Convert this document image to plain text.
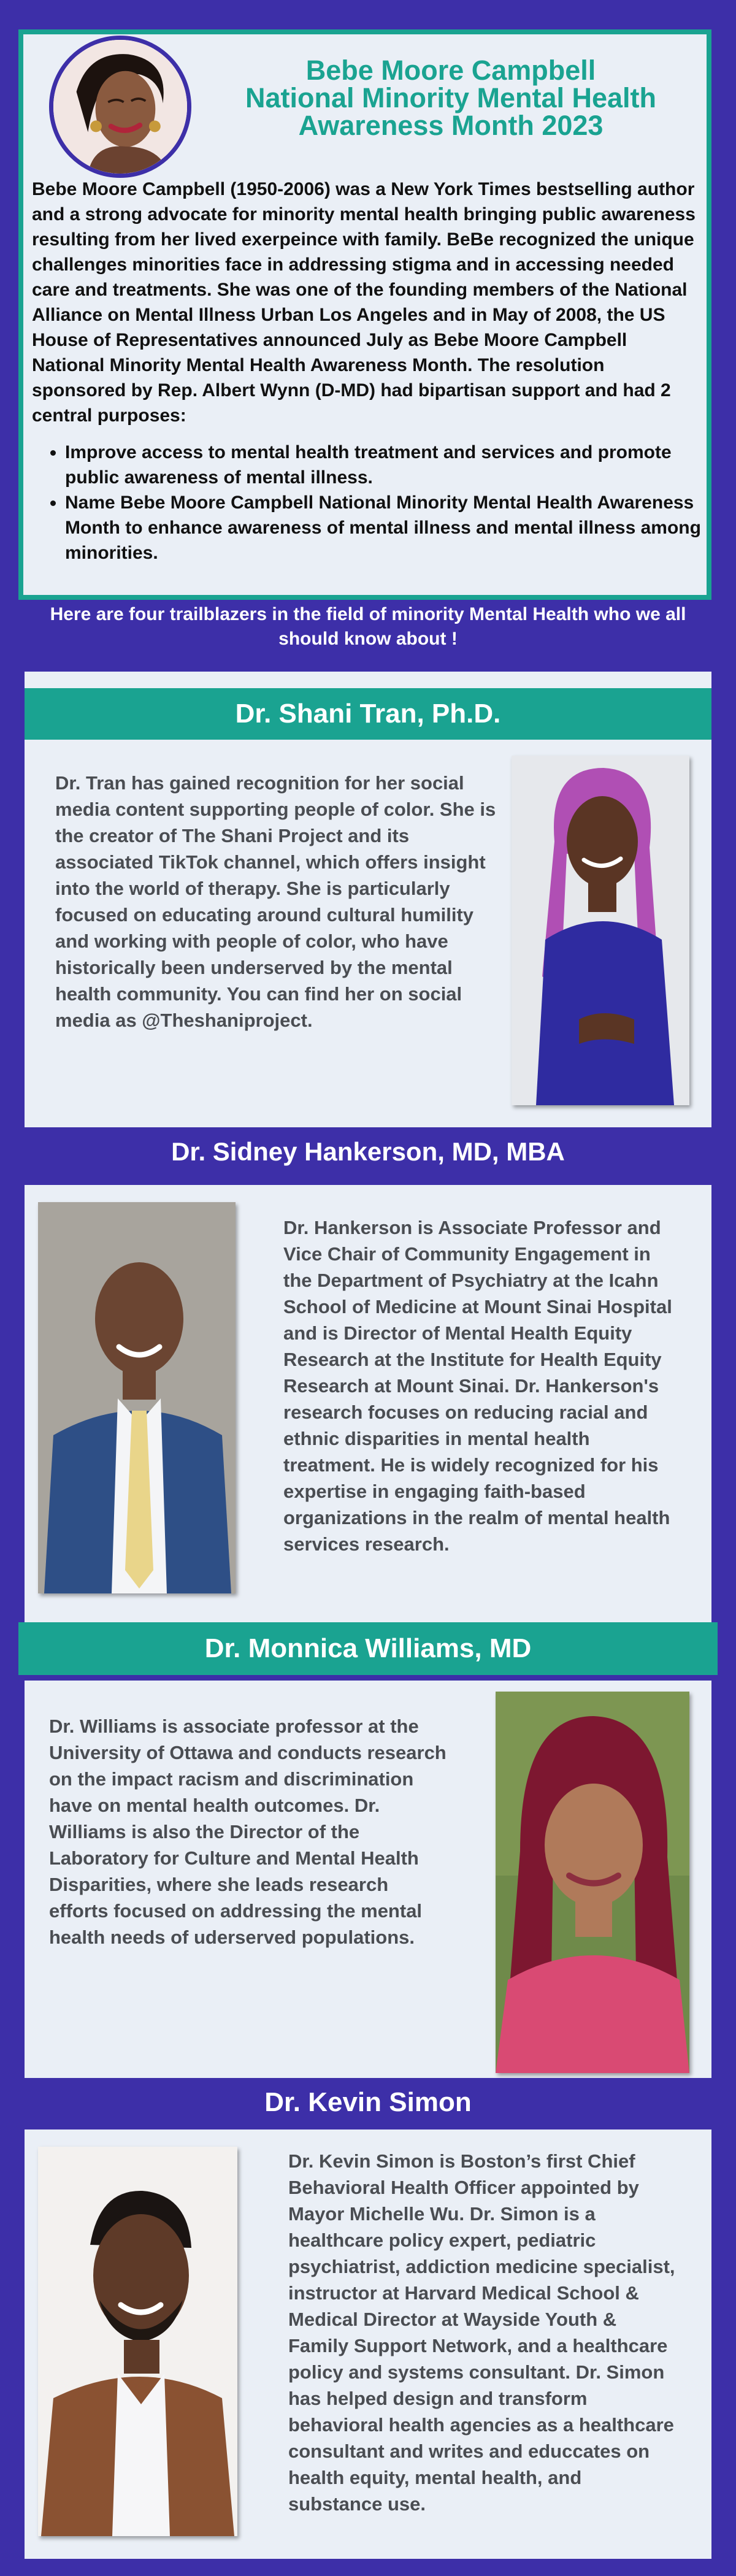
Bebe Moore Campbell
National Minority Mental Health
Awareness Month 2023
Bebe Moore Campbell (1950-2006) was a New York Times bestselling author and a strong advocate for minority mental health bringing public awareness resulting from her lived exerpeince with family. BeBe recognized the unique challenges minorities face in addressing stigma and in accessing needed care and treatments. She was one of the founding members of the National Alliance on Mental Illness Urban Los Angeles and in May of 2008, the US House of Representatives announced July as Bebe Moore Campbell National Minority Mental Health Awareness Month. The resolution sponsored by Rep. Albert Wynn (D-MD) had bipartisan support and had 2 central purposes:
• Improve access to mental health treatment and services and promote public awareness of mental illness.
• Name Bebe Moore Campbell National Minority Mental Health Awareness Month to enhance awareness of mental illness and mental illness among minorities.
Here are four trailblazers in the field of minority Mental Health who we all should know about !
Dr. Shani Tran, Ph.D.
Dr. Tran has gained recognition for her social media content supporting people of color. She is the creator of The Shani Project and its associated TikTok channel, which offers insight into the world of therapy. She is particularly focused on educating around cultural humility and working with people of color, who have historically been underserved by the mental health community. You can find her on social media as @Theshaniproject.
Dr. Sidney Hankerson, MD, MBA
Dr. Hankerson is Associate Professor and Vice Chair of Community Engagement in the Department of Psychiatry at the Icahn School of Medicine at Mount Sinai Hospital and is Director of Mental Health Equity Research at the Institute for Health Equity Research at Mount Sinai. Dr. Hankerson's research focuses on reducing racial and ethnic disparities in mental health treatment. He is widely recognized for his expertise in engaging faith-based organizations in the realm of mental health services research.
Dr. Monnica Williams, MD
Dr. Williams is associate professor at the University of Ottawa and conducts research on the impact racism and discrimination have on mental health outcomes. Dr. Williams is also the Director of the Laboratory for Culture and Mental Health Disparities, where she leads research efforts focused on addressing the mental health needs of uderserved populations.
Dr. Kevin Simon
Dr. Kevin Simon is Boston’s first Chief Behavioral Health Officer appointed by Mayor Michelle Wu. Dr. Simon is a healthcare policy expert, pediatric psychiatrist, addiction medicine specialist, instructor at Harvard Medical School & Medical Director at Wayside Youth & Family Support Network, and a healthcare policy and systems consultant. Dr. Simon has helped design and transform behavioral health agencies as a healthcare consultant and writes and educcates on health equity, mental health, and substance use.
